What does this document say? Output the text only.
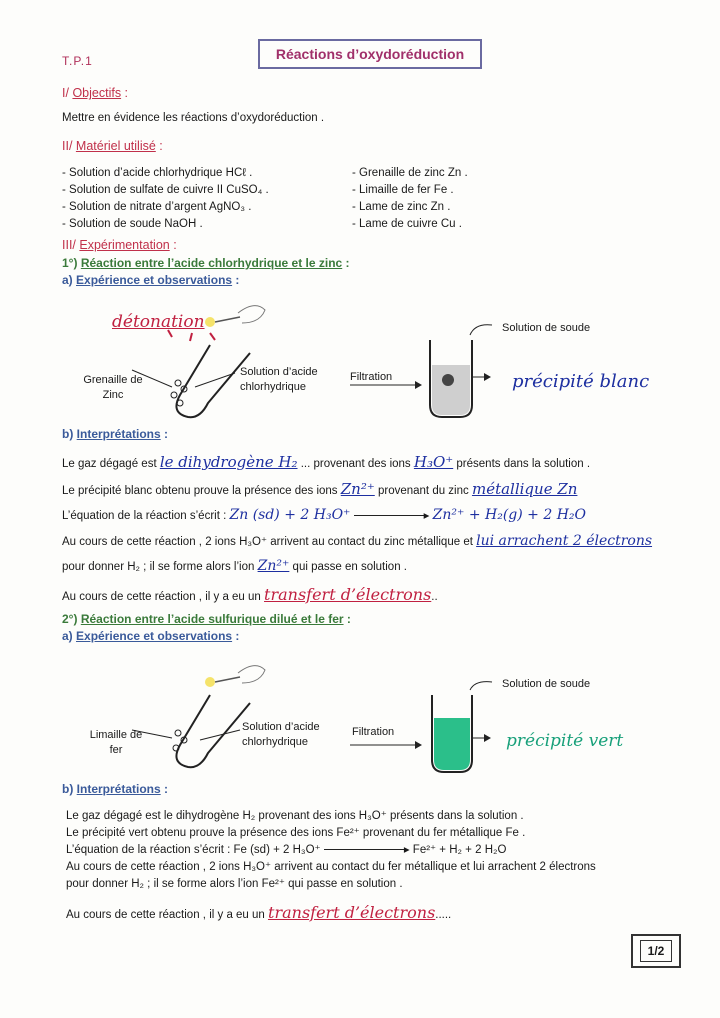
T.P.1	Réactions d’oxydoréduction
I/ Objectifs :
Mettre en évidence les réactions d’oxydoréduction .
II/ Matériel utilisé :
- Solution d’acide chlorhydrique HCℓ .
- Solution de sulfate de cuivre II CuSO₄ .
- Solution de nitrate d’argent AgNO₃ .
- Solution de soude NaOH .
- Grenaille de zinc Zn .
- Limaille de fer Fe .
- Lame de zinc Zn .
- Lame de cuivre Cu .
III/ Expérimentation :
1°) Réaction entre l’acide chlorhydrique et le zinc :
a) Expérience et observations :
détonation
Grenaille de Zinc
Solution d’acide chlorhydrique
Filtration
Solution de soude
précipité blanc
b) Interprétations :
Le gaz dégagé est le dihydrogène H₂ ... provenant des ions H₃O⁺ présents dans la solution .
Le précipité blanc obtenu prouve la présence des ions Zn²⁺ provenant du zinc métallique Zn
L’équation de la réaction s’écrit : Zn (sd) + 2 H₃O⁺	▸ Zn²⁺ + H₂(g) + 2 H₂O
Au cours de cette réaction , 2 ions H₃O⁺ arrivent au contact du zinc métallique et lui arrachent 2 électrons
pour donner H₂ ; il se forme alors l’ion Zn²⁺ qui passe en solution .
Au cours de cette réaction , il y a eu un transfert d’électrons..
2°) Réaction entre l’acide sulfurique dilué et le fer :
a) Expérience et observations :
Limaille de fer
Solution d’acide chlorhydrique
Filtration
Solution de soude
précipité vert
b) Interprétations :
Le gaz dégagé est le dihydrogène H₂ provenant des ions H₃O⁺ présents dans la solution .
Le précipité vert obtenu prouve la présence des ions Fe²⁺ provenant du fer métallique Fe .
L’équation de la réaction s’écrit : Fe (sd) + 2 H₃O⁺	▸ Fe²⁺ + H₂ + 2 H₂O
Au cours de cette réaction , 2 ions H₃O⁺ arrivent au contact du fer métallique et lui arrachent 2 électrons
pour donner H₂ ; il se forme alors l’ion Fe²⁺ qui passe en solution .
Au cours de cette réaction , il y a eu un transfert d’électrons.....
1/2
